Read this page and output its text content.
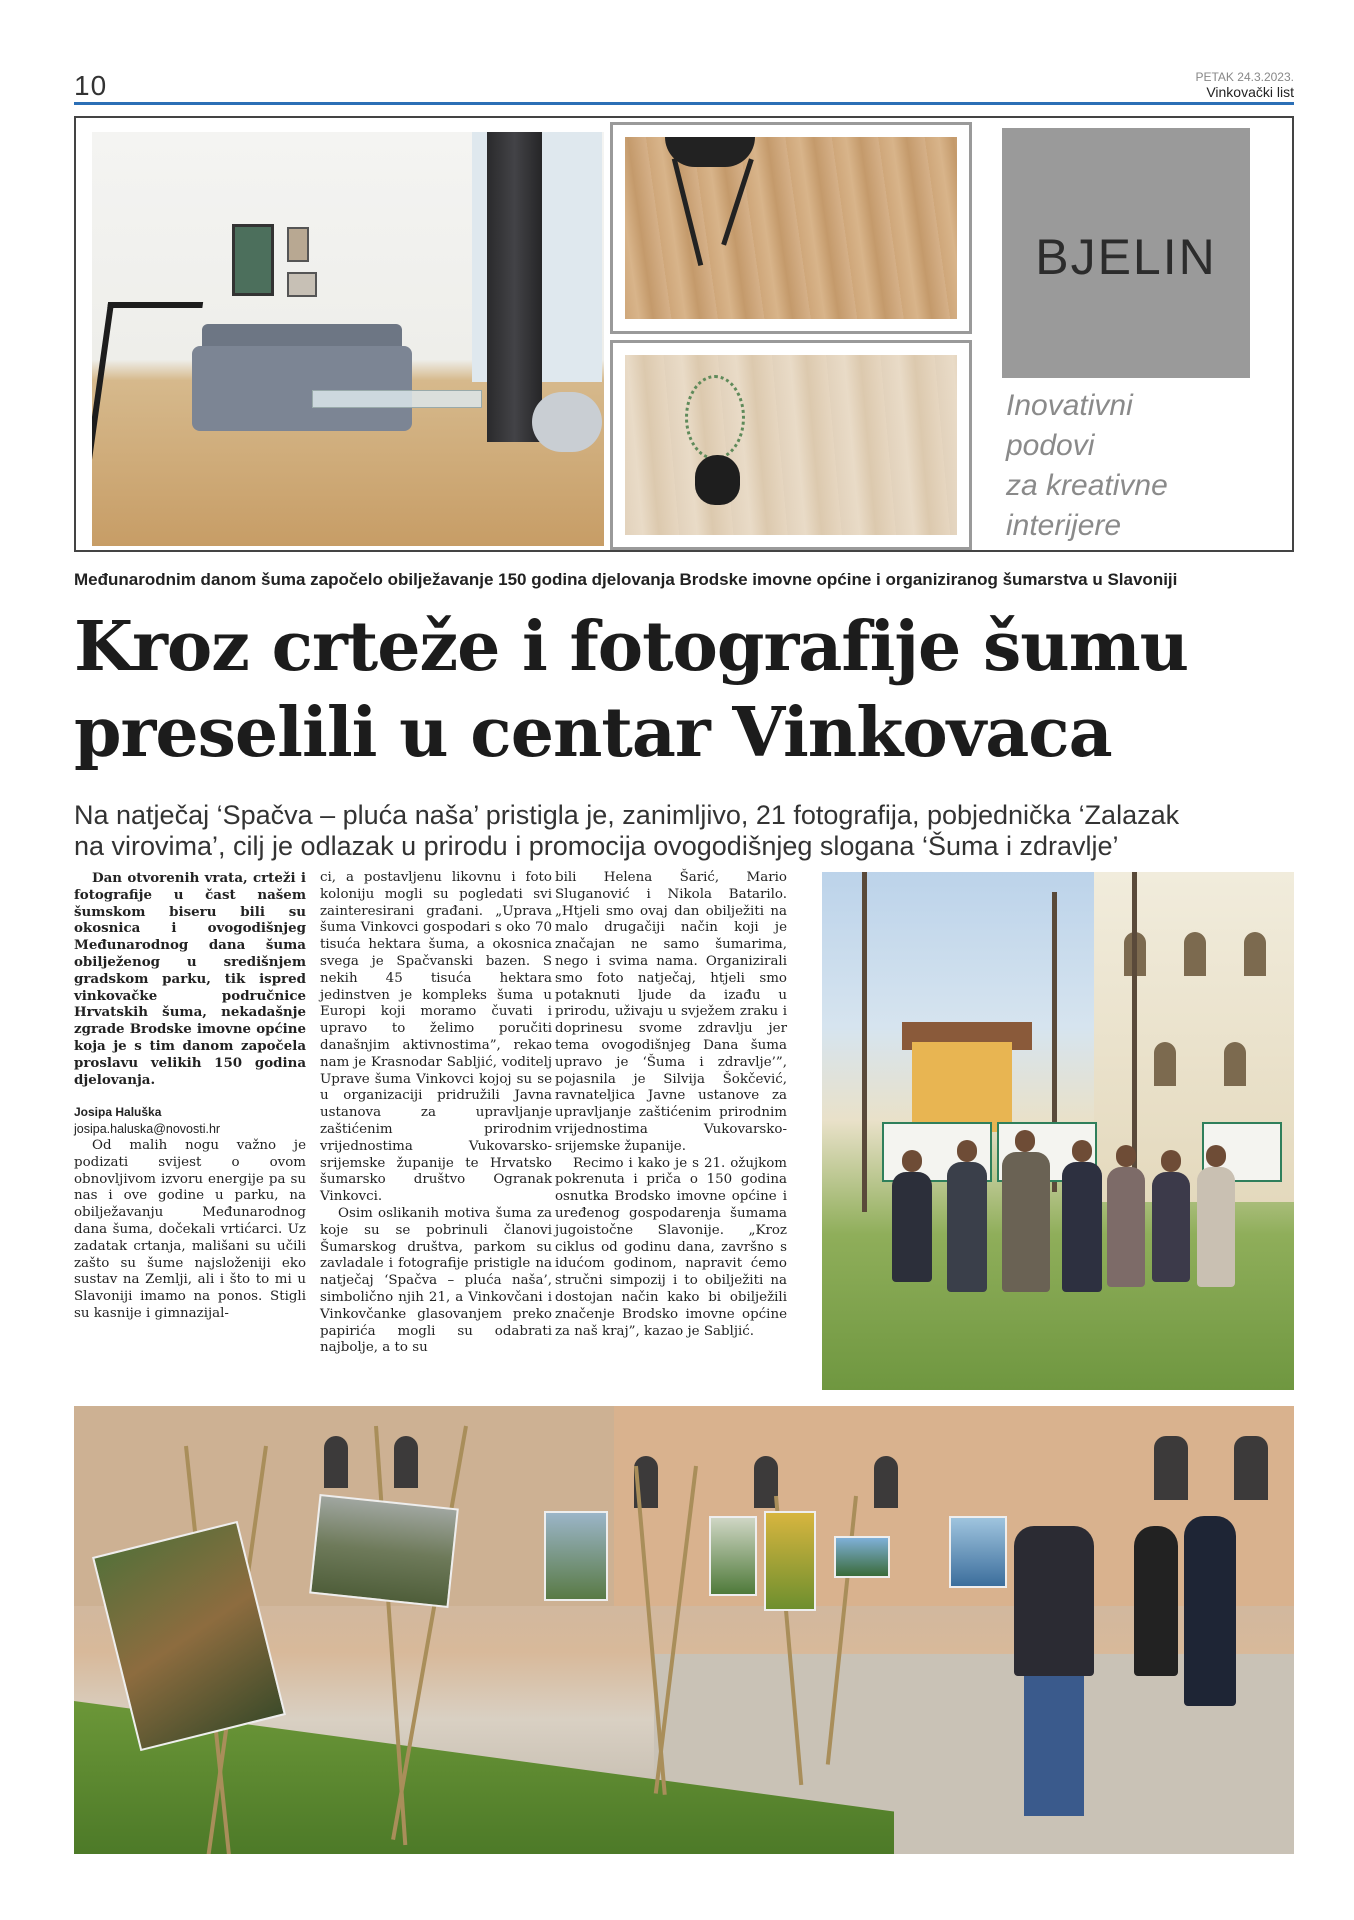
10	PETAK 24.3.2023.
Vinkovački list
BJELIN
Inovativni
podovi
za kreativne
interijere
Međunarodnim danom šuma započelo obilježavanje 150 godina djelovanja Brodske imovne općine i organiziranog šumarstva u Slavoniji
Kroz crteže i fotografije šumu
preselili u centar Vinkovaca
Na natječaj ‘Spačva – pluća naša’ pristigla je, zanimljivo, 21 fotografija, pobjednička ‘Zalazak
na virovima’, cilj je odlazak u prirodu i promocija ovogodišnjeg slogana ‘Šuma i zdravlje’

Dan otvorenih vrata, crteži i fotografije u čast našem šumskom biseru bili su okosnica i ovogodišnjeg Međunarodnog dana šuma obilježenog u središnjem gradskom parku, tik ispred vinkovačke područnice Hrvatskih šuma, nekadašnje zgrade Brodske imovne općine koja je s tim danom započela proslavu velikih 150 godina djelovanja.

Josipa Haluška

josipa.haluska@novosti.hr

Od malih nogu važno je podizati svijest o ovom obnovljivom izvoru energije pa su nas i ove godine u parku, na obilježavanju Međunarodnog dana šuma, dočekali vrtićarci. Uz zadatak crtanja, mališani su učili zašto su šume najsloženiji eko sustav na Zemlji, ali i što to mi u Slavoniji imamo na ponos. Stigli su kasnije i gimnazijal-

ci, a postavljenu likovnu i foto koloniju mogli su pogledati svi zainteresirani građani. „Uprava šuma Vinkovci gospodari s oko 70 tisuća hektara šuma, a okosnica svega je Spačvanski bazen. S nekih 45 tisuća hektara jedinstven je kompleks šuma u Europi koji moramo čuvati i upravo to želimo poručiti današnjim aktivnostima”, rekao nam je Krasnodar Sabljić, voditelj Uprave šuma Vinkovci kojoj su se u organizaciji pridružili Javna ustanova za upravljanje zaštićenim prirodnim vrijednostima Vukovarsko-srijemske županije te Hrvatsko šumarsko društvo Ogranak Vinkovci.

Osim oslikanih motiva šuma za koje su se pobrinuli članovi Šumarskog društva, parkom su zavladale i fotografije pristigle na natječaj ‘Spačva – pluća naša’, simbolično njih 21, a Vinkovčani i Vinkovčanke glasovanjem preko papirića mogli su odabrati najbolje, a to su

bili Helena Šarić, Mario Sluganović i Nikola Batarilo. „Htjeli smo ovaj dan obilježiti na malo drugačiji način koji je značajan ne samo šumarima, nego i svima nama. Organizirali smo foto natječaj, htjeli smo potaknuti ljude da izađu u prirodu, uživaju u svježem zraku i doprinesu svome zdravlju jer tema ovogodišnjeg Dana šuma upravo je ‘Šuma i zdravlje’”, pojasnila je Silvija Šokčević, ravnateljica Javne ustanove za upravljanje zaštićenim prirodnim vrijednostima Vukovarsko-srijemske županije.

Recimo i kako je s 21. ožujkom pokrenuta i priča o 150 godina osnutka Brodsko imovne općine i uređenog gospodarenja šumama jugoistočne Slavonije. „Kroz ciklus od godinu dana, završno s idućom godinom, napravit ćemo stručni simpozij i to obilježiti na dostojan način kako bi obilježili značenje Brodsko imovne općine za naš kraj”, kazao je Sabljić.
